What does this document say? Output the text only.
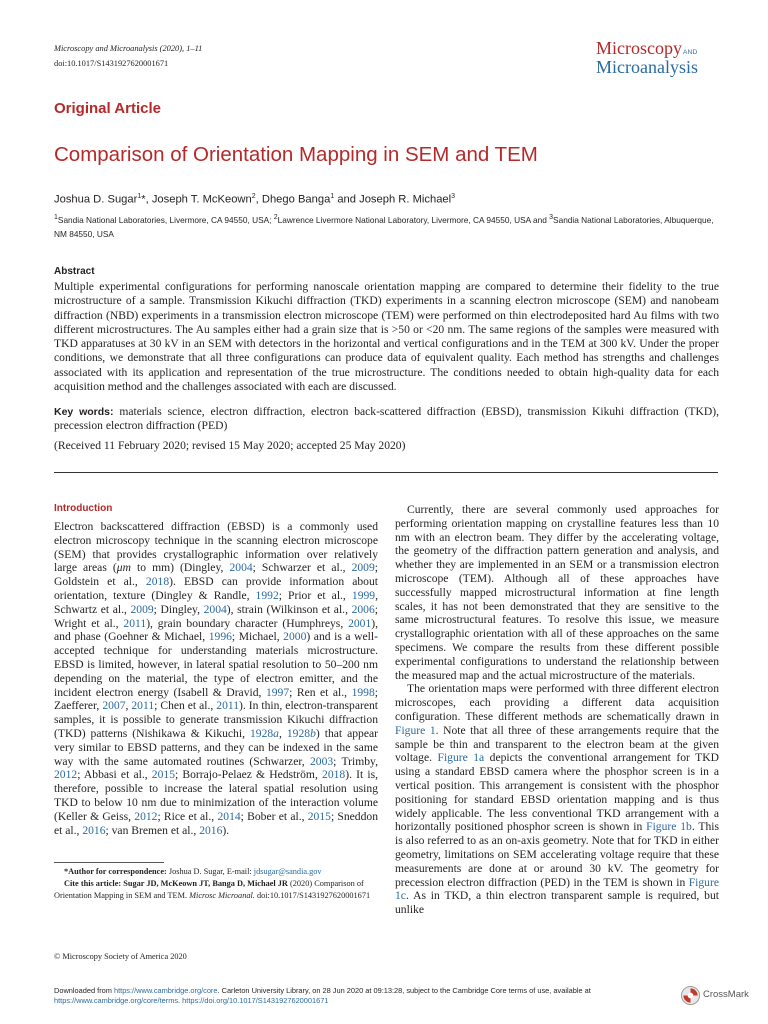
Microscopy and Microanalysis (2020), 1–11
doi:10.1017/S1431927620001671
MicroscopyAND
Microanalysis
Original Article
Comparison of Orientation Mapping in SEM and TEM
Joshua D. Sugar$^1$*, Joseph T. McKeown$^2$, Dhego Banga$^1$ and Joseph R. Michael$^3$
$^1$Sandia National Laboratories, Livermore, CA 94550, USA; $^2$Lawrence Livermore National Laboratory, Livermore, CA 94550, USA and $^3$Sandia National Laboratories, Albuquerque, NM 84550, USA
Abstract
Multiple experimental configurations for performing nanoscale orientation mapping are compared to determine their fidelity to the true microstructure of a sample. Transmission Kikuchi diffraction (TKD) experiments in a scanning electron microscope (SEM) and nanobeam diffraction (NBD) experiments in a transmission electron microscope (TEM) were performed on thin electrodeposited hard Au films with two different microstructures. The Au samples either had a grain size that is >50 or <20 nm. The same regions of the samples were measured with TKD apparatuses at 30 kV in an SEM with detectors in the horizontal and vertical configurations and in the TEM at 300 kV. Under the proper conditions, we demonstrate that all three configurations can produce data of equivalent quality. Each method has strengths and challenges associated with its application and representation of the true microstructure. The conditions needed to obtain high-quality data for each acquisition method and the challenges associated with each are discussed.
Key words: materials science, electron diffraction, electron back-scattered diffraction (EBSD), transmission Kikuhi diffraction (TKD), precession electron diffraction (PED)
(Received 11 February 2020; revised 15 May 2020; accepted 25 May 2020)
Introduction

Electron backscattered diffraction (EBSD) is a commonly used electron microscopy technique in the scanning electron microscope (SEM) that provides crystallographic information over relatively large areas (μm to mm) (Dingley, 2004; Schwarzer et al., 2009; Goldstein et al., 2018). EBSD can provide information about orientation, texture (Dingley & Randle, 1992; Prior et al., 1999, Schwartz et al., 2009; Dingley, 2004), strain (Wilkinson et al., 2006; Wright et al., 2011), grain boundary character (Humphreys, 2001), and phase (Goehner & Michael, 1996; Michael, 2000) and is a well-accepted technique for understanding materials microstructure. EBSD is limited, however, in lateral spatial resolution to 50–200 nm depending on the material, the type of electron emitter, and the incident electron energy (Isabell & Dravid, 1997; Ren et al., 1998; Zaefferer, 2007, 2011; Chen et al., 2011). In thin, electron-transparent samples, it is possible to generate transmission Kikuchi diffraction (TKD) patterns (Nishikawa & Kikuchi, 1928a, 1928b) that appear very similar to EBSD patterns, and they can be indexed in the same way with the same automated routines (Schwarzer, 2003; Trimby, 2012; Abbasi et al., 2015; Borrajo-Pelaez & Hedström, 2018). It is, therefore, possible to increase the lateral spatial resolution using TKD to below 10 nm due to minimization of the interaction volume (Keller & Geiss, 2012; Rice et al., 2014; Bober et al., 2015; Sneddon et al., 2016; van Bremen et al., 2016).

Currently, there are several commonly used approaches for performing orientation mapping on crystalline features less than 10 nm with an electron beam. They differ by the accelerating voltage, the geometry of the diffraction pattern generation and analysis, and whether they are implemented in an SEM or a transmission electron microscope (TEM). Although all of these approaches have successfully mapped microstructural information at fine length scales, it has not been demonstrated that they are sensitive to the same microstructural features. To resolve this issue, we measure crystallographic orientation with all of these approaches on the same specimens. We compare the results from these different possible experimental configurations to understand the relationship between the measured map and the actual microstructure of the materials.

The orientation maps were performed with three different electron microscopes, each providing a different data acquisition configuration. These different methods are schematically drawn in Figure 1. Note that all three of these arrangements require that the sample be thin and transparent to the electron beam at the given voltage. Figure 1a depicts the conventional arrangement for TKD using a standard EBSD camera where the phosphor screen is in a vertical position. This arrangement is consistent with the phosphor positioning for standard EBSD orientation mapping and is thus widely applicable. The less conventional TKD arrangement with a horizontally positioned phosphor screen is shown in Figure 1b. This is also referred to as an on-axis geometry. Note that for TKD in either geometry, limitations on SEM accelerating voltage require that these measurements are done at or around 30 kV. The geometry for precession electron diffraction (PED) in the TEM is shown in Figure 1c. As in TKD, a thin electron transparent sample is required, but unlike

*Author for correspondence: Joshua D. Sugar, E-mail: jdsugar@sandia.gov
Cite this article: Sugar JD, McKeown JT, Banga D, Michael JR (2020) Comparison of Orientation Mapping in SEM and TEM. Microsc Microanal. doi:10.1017/S1431927620001671
© Microscopy Society of America 2020
Downloaded from https://www.cambridge.org/core. Carleton University Library, on 28 Jun 2020 at 09:13:28, subject to the Cambridge Core terms of use, available at
https://www.cambridge.org/core/terms. https://doi.org/10.1017/S1431927620001671
CrossMark
